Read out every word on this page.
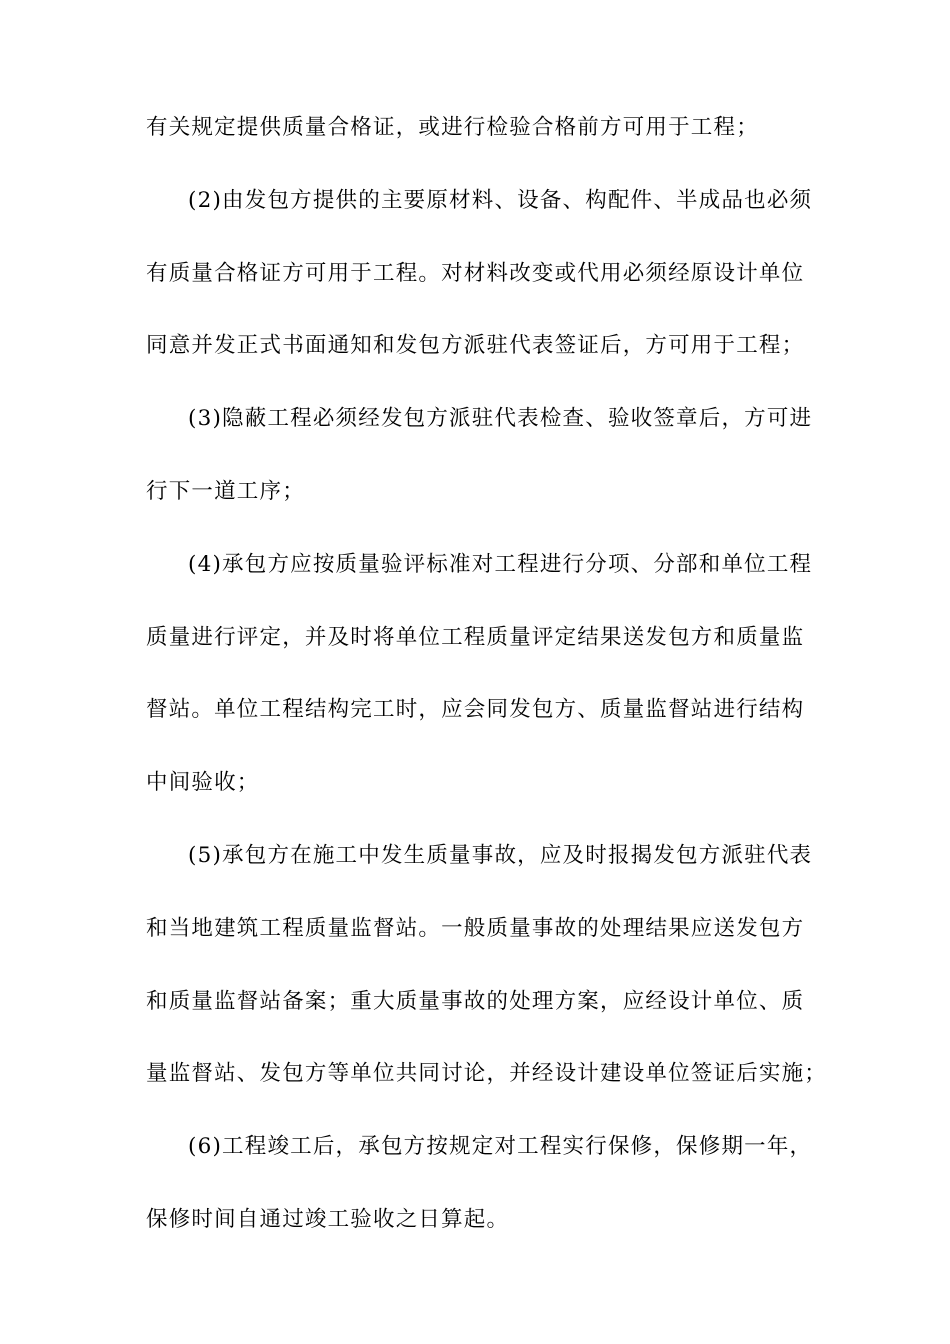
有关规定提供质量合格证，或进行检验合格前方可用于工程；
(2)由发包方提供的主要原材料、设备、构配件、半成品也必须
有质量合格证方可用于工程。对材料改变或代用必须经原设计单位
同意并发正式书面通知和发包方派驻代表签证后，方可用于工程；
(3)隐蔽工程必须经发包方派驻代表检查、验收签章后，方可进
行下一道工序；
(4)承包方应按质量验评标准对工程进行分项、分部和单位工程
质量进行评定，并及时将单位工程质量评定结果送发包方和质量监
督站。单位工程结构完工时，应会同发包方、质量监督站进行结构
中间验收；
(5)承包方在施工中发生质量事故，应及时报揭发包方派驻代表
和当地建筑工程质量监督站。一般质量事故的处理结果应送发包方
和质量监督站备案；重大质量事故的处理方案，应经设计单位、质
量监督站、发包方等单位共同讨论，并经设计建设单位签证后实施；
(6)工程竣工后，承包方按规定对工程实行保修，保修期一年，
保修时间自通过竣工验收之日算起。
